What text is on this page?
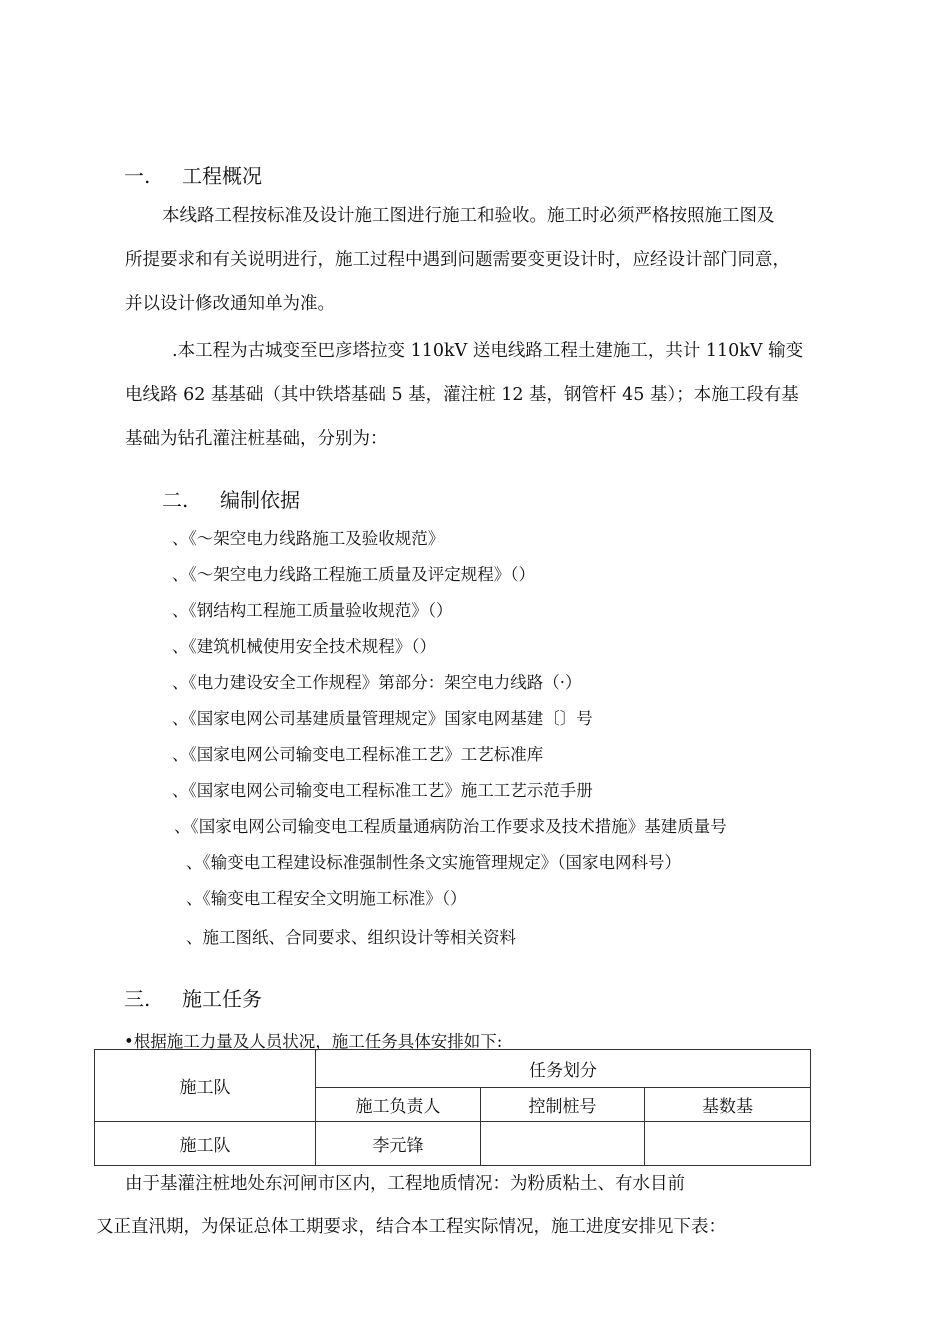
一. 工程概况
本线路工程按标准及设计施工图进行施工和验收。施工时必须严格按照施工图及
所提要求和有关说明进行，施工过程中遇到问题需要变更设计时，应经设计部门同意，
并以设计修改通知单为准。
.本工程为古城变至巴彦塔拉变 110kV 送电线路工程土建施工，共计 110kV 输变
电线路 62 基基础（其中铁塔基础 5 基，灌注桩 12 基，钢管杆 45 基）；本施工段有基
基础为钻孔灌注桩基础，分别为：
二. 编制依据
、《〜架空电力线路施工及验收规范》
、《〜架空电力线路工程施工质量及评定规程》（）
、《钢结构工程施工质量验收规范》（）
、《建筑机械使用安全技术规程》（）
、《电力建设安全工作规程》第部分：架空电力线路（·）
、《国家电网公司基建质量管理规定》国家电网基建〔〕号
、《国家电网公司输变电工程标准工艺》工艺标准库
、《国家电网公司输变电工程标准工艺》施工工艺示范手册
、《国家电网公司输变电工程质量通病防治工作要求及技术措施》基建质量号
、《输变电工程建设标准强制性条文实施管理规定》（国家电网科号）
、《输变电工程安全文明施工标准》（）
、施工图纸、合同要求、组织设计等相关资料
三. 施工任务
•根据施工力量及人员状况，施工任务具体安排如下:
施工队	任务划分		
	施工负责人	控制桩号	基数基
施工队	李元锋		
由于基灌注桩地处东河闸市区内，工程地质情况：为粉质粘土、有水目前
又正直汛期，为保证总体工期要求，结合本工程实际情况，施工进度安排见下表：
